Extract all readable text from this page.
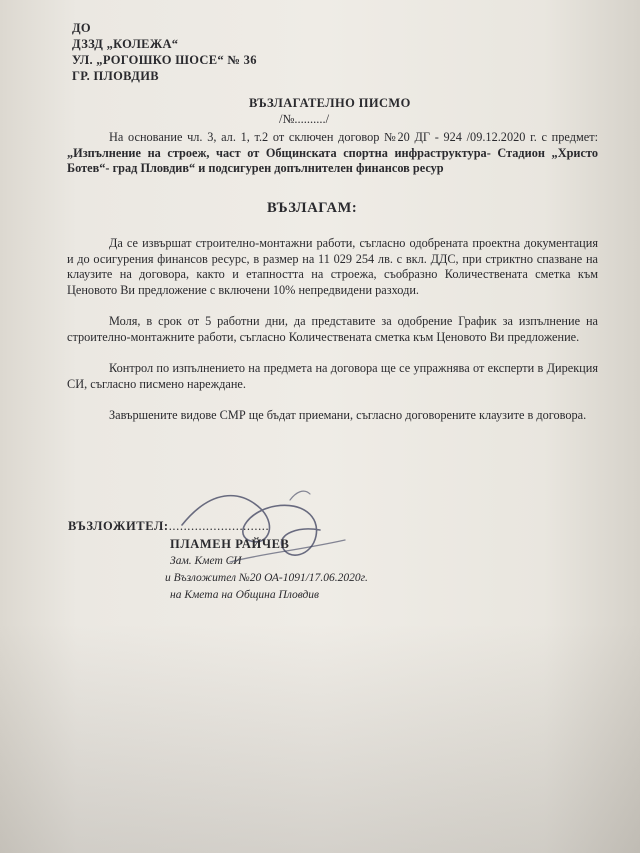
ДО
ДЗЗД „КОЛЕЖА“
УЛ. „РОГОШКО ШОСЕ“ № 36
ГР. ПЛОВДИВ
ВЪЗЛАГАТЕЛНО ПИСМО
/№........../
На основание чл. 3, ал. 1, т.2 от сключен договор №20 ДГ - 924 /09.12.2020 г. с предмет: „Изпълнение на строеж, част от Общинската спортна инфраструктура- Стадион „Христо Ботев“- град Пловдив“ и подсигурен допълнителен финансов ресур
ВЪЗЛАГАМ:
Да се извършат строително-монтажни работи, съгласно одобрената проектна документация и до осигурения финансов ресурс, в размер на 11 029 254 лв. с вкл. ДДС, при стриктно спазване на клаузите на договора, както и етапността на строежа, съобразно Количествената сметка към Ценовото Ви предложение с включени 10% непредвидени разходи.
Моля, в срок от 5 работни дни, да представите за одобрение График за изпълнение на строително-монтажните работи, съгласно Количествената сметка към Ценовото Ви предложение.
Контрол по изпълнението на предмета на договора ще се упражнява от експерти в Дирекция СИ, съгласно писмено нареждане.
Завършените видове СМР ще бъдат приемани, съгласно договорените клаузите в договора.
ВЪЗЛОЖИТЕЛ:...........................
ПЛАМЕН РАЙЧЕВ
Зам. Кмет СИ
и Възложител №20 ОА-1091/17.06.2020г.
на Кмета на Община Пловдив
